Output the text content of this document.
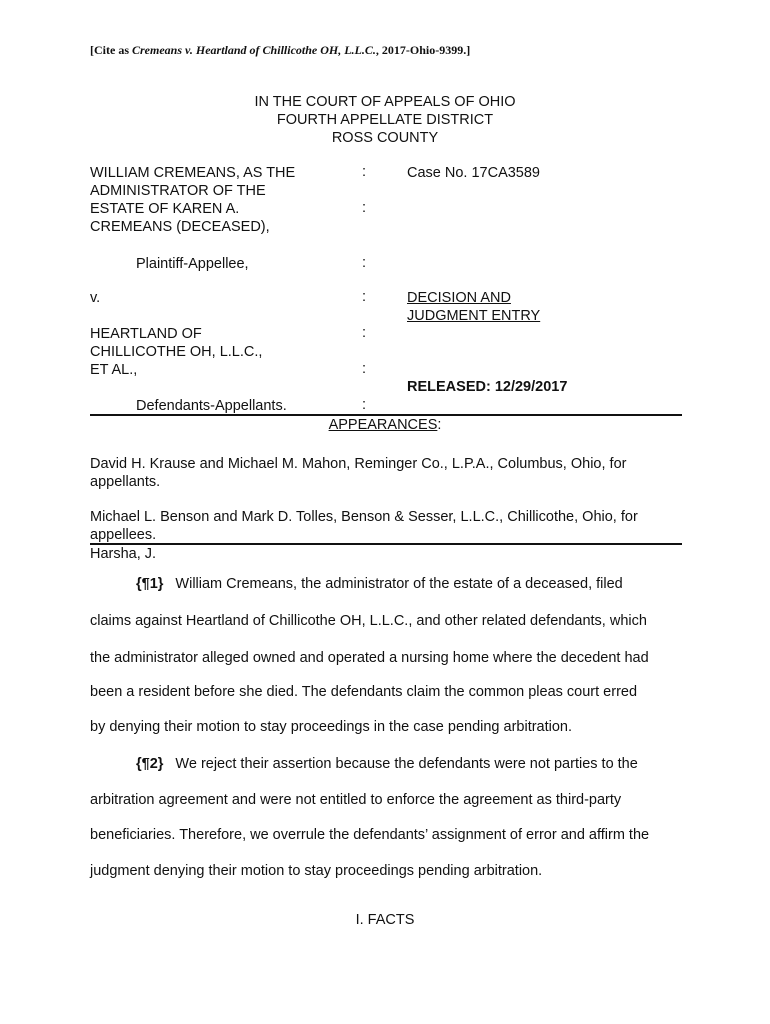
[Cite as Cremeans v. Heartland of Chillicothe OH, L.L.C., 2017-Ohio-9399.]
IN THE COURT OF APPEALS OF OHIO
FOURTH APPELLATE DISTRICT
ROSS COUNTY
WILLIAM CREMEANS, AS THE
ADMINISTRATOR OF THE
ESTATE OF KAREN A.
CREMEANS (DECEASED),
Plaintiff-Appellee,
v.
HEARTLAND OF
CHILLICOTHE OH, L.L.C.,
ET AL.,
Defendants-Appellants.
:
:
:
:
:
:
:
Case No. 17CA3589
DECISION AND
JUDGMENT ENTRY
RELEASED: 12/29/2017
APPEARANCES:
David H. Krause and Michael M. Mahon, Reminger Co., L.P.A., Columbus, Ohio, for
appellants.
Michael L. Benson and Mark D. Tolles, Benson & Sesser, L.L.C., Chillicothe, Ohio, for
appellees.
Harsha, J.
{¶1} William Cremeans, the administrator of the estate of a deceased, filed
claims against Heartland of Chillicothe OH, L.L.C., and other related defendants, which
the administrator alleged owned and operated a nursing home where the decedent had
been a resident before she died. The defendants claim the common pleas court erred
by denying their motion to stay proceedings in the case pending arbitration.
{¶2} We reject their assertion because the defendants were not parties to the
arbitration agreement and were not entitled to enforce the agreement as third-party
beneficiaries. Therefore, we overrule the defendants’ assignment of error and affirm the
judgment denying their motion to stay proceedings pending arbitration.
I. FACTS
